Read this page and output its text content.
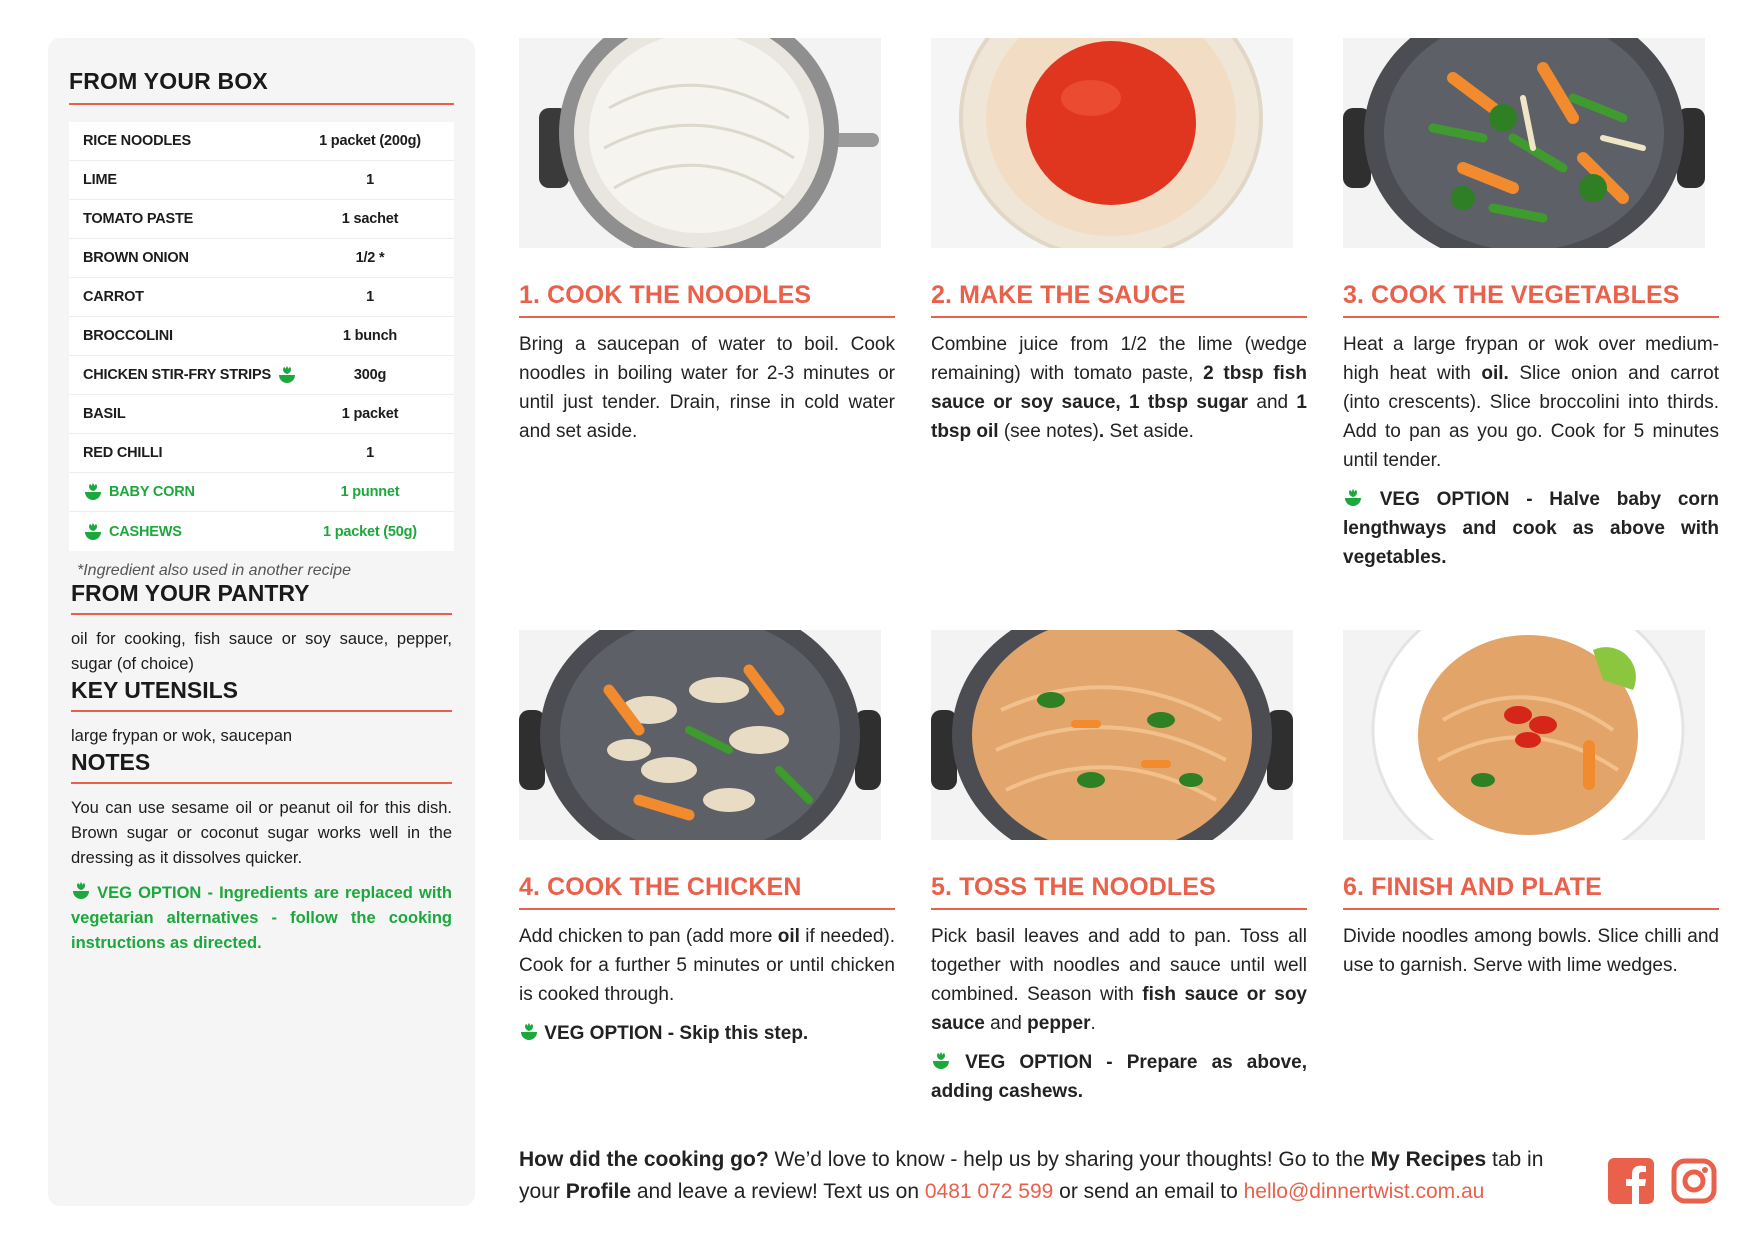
FROM YOUR BOX
RICE NOODLES	1 packet (200g)
LIME	1
TOMATO PASTE	1 sachet
BROWN ONION	1/2 *
CARROT	1
BROCCOLINI	1 bunch
CHICKEN STIR-FRY STRIPS	300g
BASIL	1 packet
RED CHILLI	1
BABY CORN	1 punnet
CASHEWS	1 packet (50g)
*Ingredient also used in another recipe
FROM YOUR PANTRY

oil for cooking, fish sauce or soy sauce, pepper, sugar (of choice)

KEY UTENSILS

large frypan or wok, saucepan

NOTES

You can use sesame oil or peanut oil for this dish. Brown sugar or coconut sugar works well in the dressing as it dissolves quicker.

VEG OPTION - Ingredients are replaced with vegetarian alternatives - follow the cooking instructions as directed.

1. COOK THE NOODLES

Bring a saucepan of water to boil. Cook noodles in boiling water for 2-3 minutes or until just tender. Drain, rinse in cold water and set aside.

2. MAKE THE SAUCE

Combine juice from 1/2 the lime (wedge remaining) with tomato paste, 2 tbsp fish sauce or soy sauce, 1 tbsp sugar and 1 tbsp oil (see notes). Set aside.

3. COOK THE VEGETABLES

Heat a large frypan or wok over medium-high heat with oil. Slice onion and carrot (into crescents). Slice broccolini into thirds. Add to pan as you go. Cook for 5 minutes until tender.

VEG OPTION - Halve baby corn lengthways and cook as above with vegetables.

4. COOK THE CHICKEN

Add chicken to pan (add more oil if needed). Cook for a further 5 minutes or until chicken is cooked through.

VEG OPTION - Skip this step.

5. TOSS THE NOODLES

Pick basil leaves and add to pan. Toss all together with noodles and sauce until well combined. Season with fish sauce or soy sauce and pepper.

VEG OPTION - Prepare as above, adding cashews.

6. FINISH AND PLATE

Divide noodles among bowls. Slice chilli and use to garnish. Serve with lime wedges.

How did the cooking go? We’d love to know - help us by sharing your thoughts! Go to the My Recipes tab in your Profile and leave a review! Text us on 0481 072 599 or send an email to hello@dinnertwist.com.au
